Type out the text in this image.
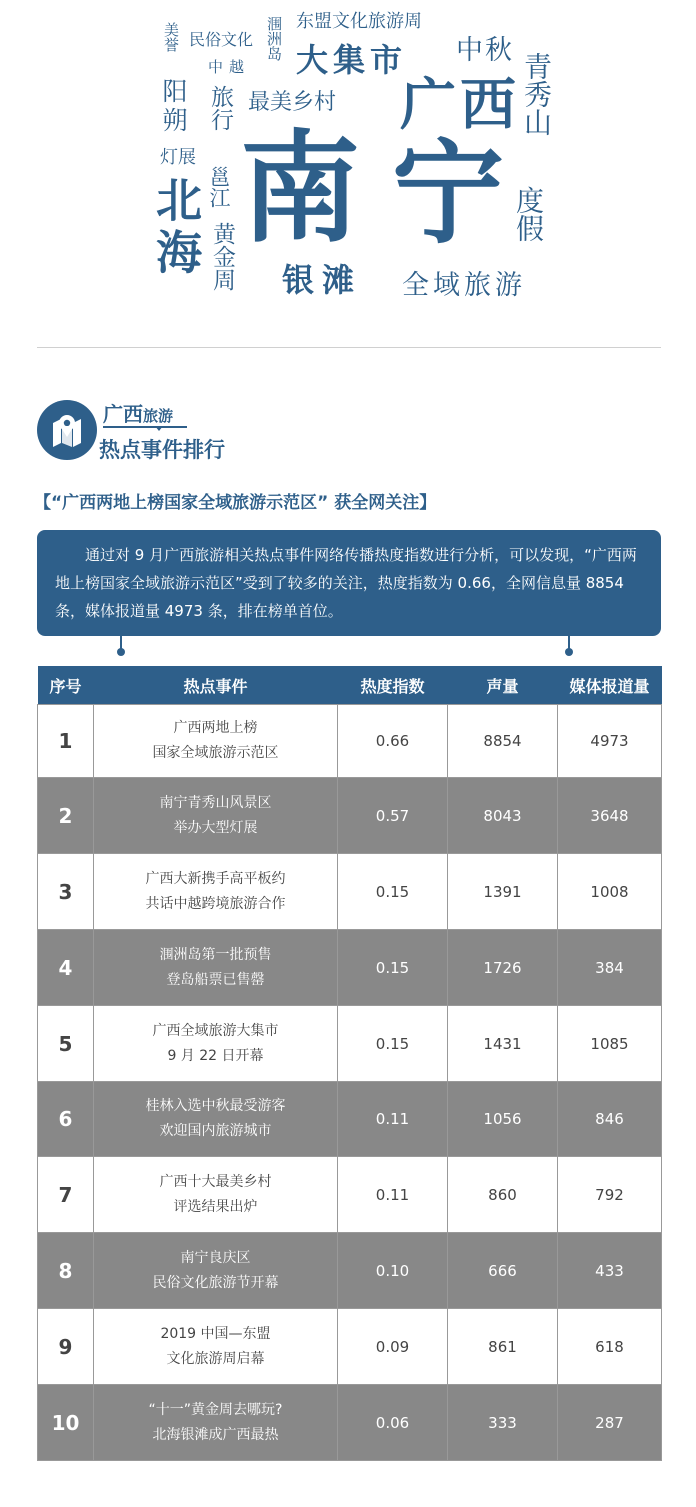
美誉 民俗文化
中越
涠洲岛 东盟文化旅游周
大集市 中秋
青秀山
阳朔 旅行 最美乡村 广西
灯展
邕江 南 宁
北海 黄金周
度假
银滩 全域旅游
广西旅游
热点事件排行
【“广西两地上榜国家全域旅游示范区” 获全网关注】

通过对 9 月广西旅游相关热点事件网络传播热度指数进行分析，可以发现，“广西两地上榜国家全域旅游示范区”受到了较多的关注，热度指数为 0.66，全网信息量 8854 条，媒体报道量 4973 条，排在榜单首位。

序号	热点事件	热度指数	声量	媒体报道量
1	广西两地上榜
国家全域旅游示范区	0.66	8854	4973
2	南宁青秀山风景区
举办大型灯展	0.57	8043	3648
3	广西大新携手高平板约
共话中越跨境旅游合作	0.15	1391	1008
4	涠洲岛第一批预售
登岛船票已售罄	0.15	1726	384
5	广西全域旅游大集市
9 月 22 日开幕	0.15	1431	1085
6	桂林入选中秋最受游客
欢迎国内旅游城市	0.11	1056	846
7	广西十大最美乡村
评选结果出炉	0.11	860	792
8	南宁良庆区
民俗文化旅游节开幕	0.10	666	433
9	2019 中国—东盟
文化旅游周启幕	0.09	861	618
10	“十一”黄金周去哪玩?
北海银滩成广西最热	0.06	333	287
